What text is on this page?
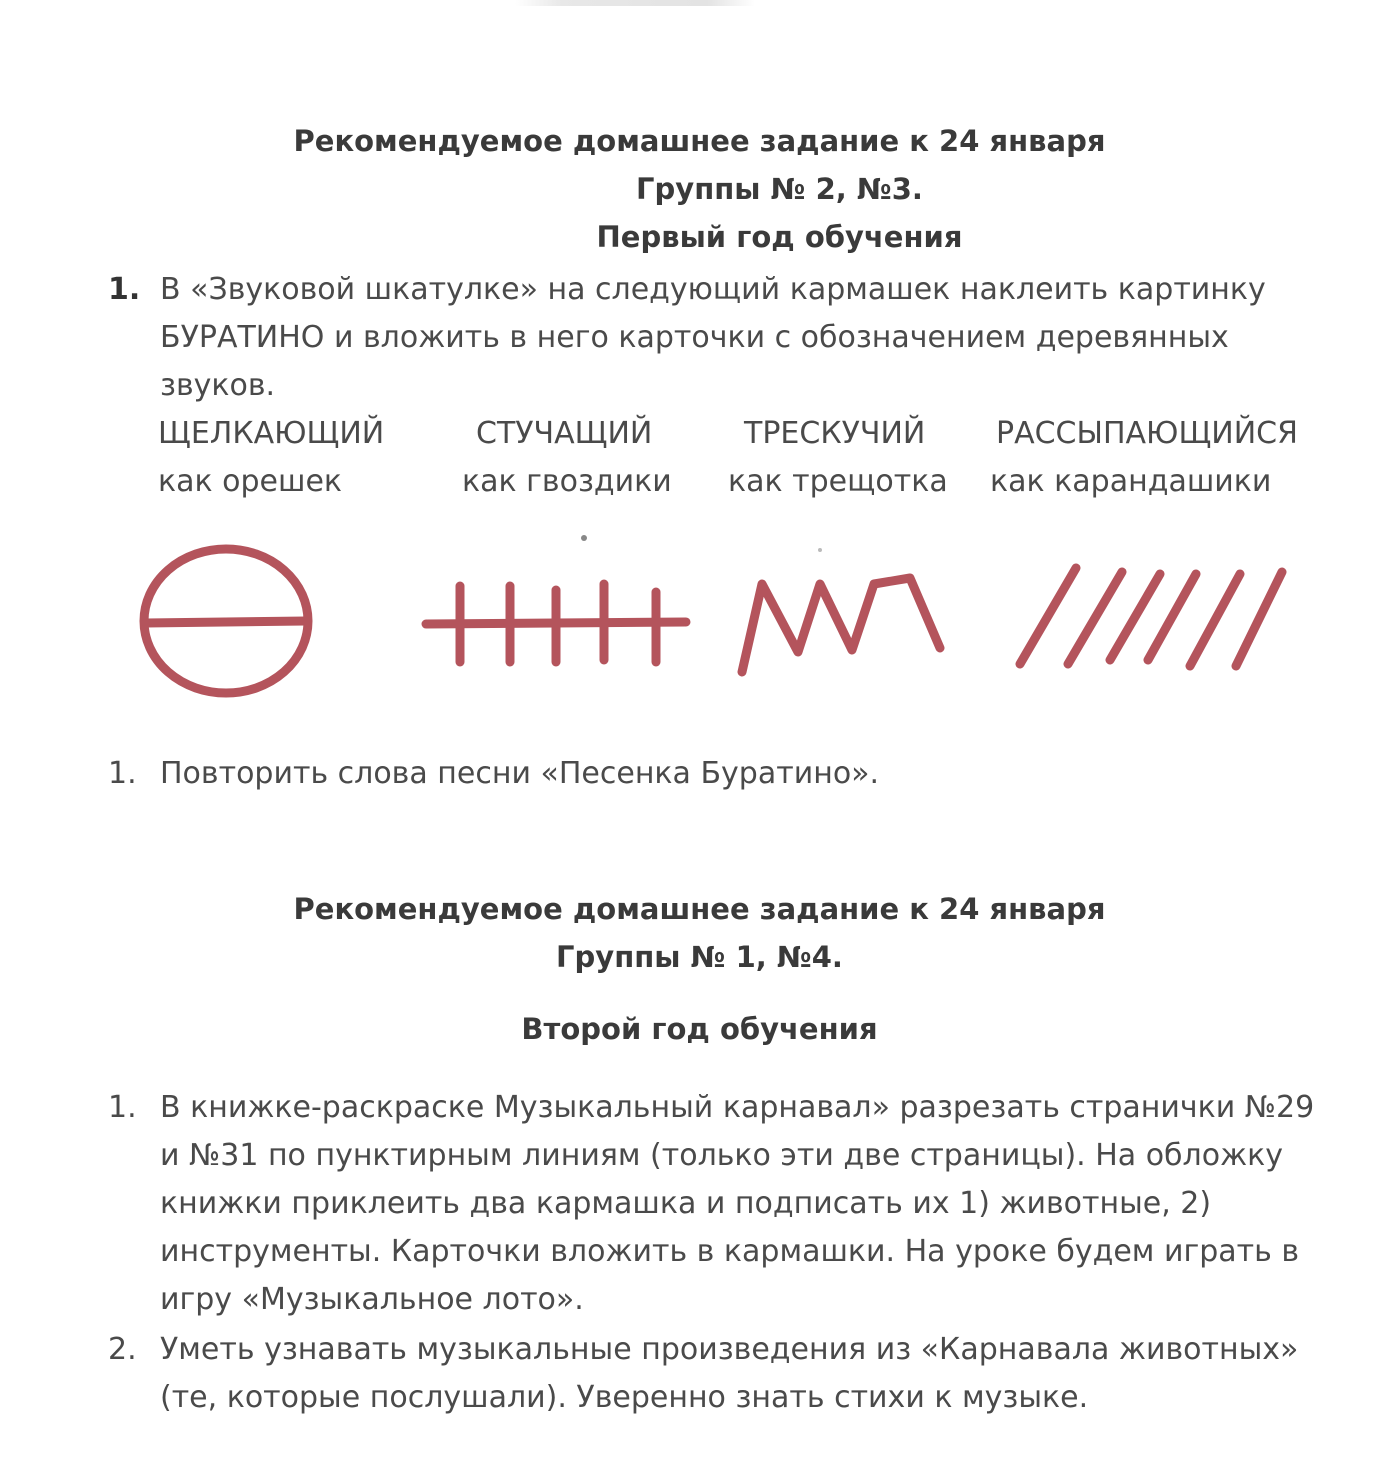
Рекомендуемое домашнее задание к 24 января
Группы № 2, №3.
Первый год обучения
1. В «Звуковой шкатулке» на следующий кармашек наклеить картинку
БУРАТИНО и вложить в него карточки с обозначением деревянных
звуков.
ЩЕЛКАЮЩИЙ
как орешек
СТУЧАЩИЙ
как гвоздики
ТРЕСКУЧИЙ
как трещотка
РАССЫПАЮЩИЙСЯ
как карандашики
1. Повторить слова песни «Песенка Буратино».
Рекомендуемое домашнее задание к 24 января
Группы № 1, №4.
Второй год обучения
1. В книжке-раскраске Музыкальный карнавал» разрезать странички №29
и №31 по пунктирным линиям (только эти две страницы). На обложку
книжки приклеить два кармашка и подписать их 1) животные, 2)
инструменты. Карточки вложить в кармашки. На уроке будем играть в
игру «Музыкальное лото».
2. Уметь узнавать музыкальные произведения из «Карнавала животных»
(те, которые послушали). Уверенно знать стихи к музыке.
